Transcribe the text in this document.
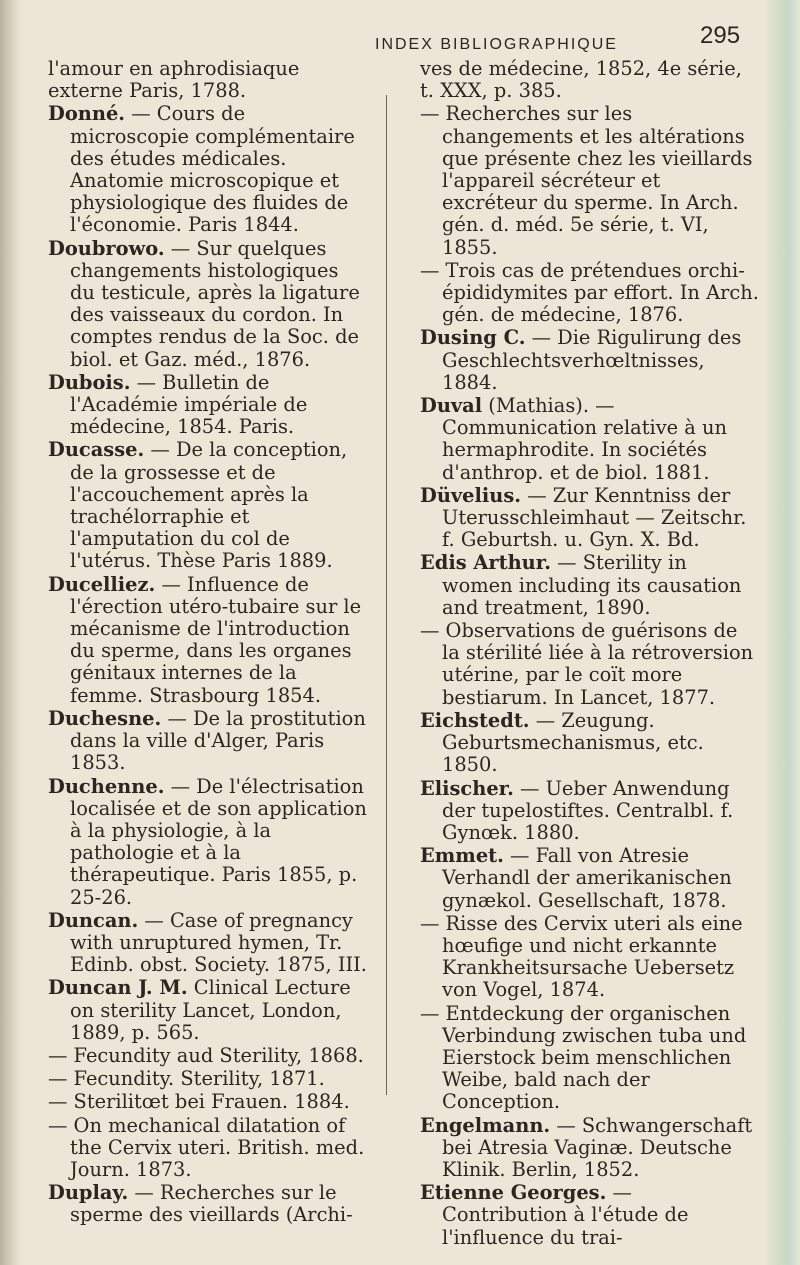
INDEX BIBLIOGRAPHIQUE	295
l'amour en aphrodisiaque externe Paris, 1788.
Donné. — Cours de microscopie complémentaire des études médicales. Anatomie microscopique et physiologique des fluides de l'économie. Paris 1844.
Doubrowo. — Sur quelques changements histologiques du testicule, après la ligature des vaisseaux du cordon. In comptes rendus de la Soc. de biol. et Gaz. méd., 1876.
Dubois. — Bulletin de l'Académie impériale de médecine, 1854. Paris.
Ducasse. — De la conception, de la grossesse et de l'accouchement après la trachélorraphie et l'amputation du col de l'utérus. Thèse Paris 1889.
Ducelliez. — Influence de l'érection utéro-tubaire sur le mécanisme de l'introduction du sperme, dans les organes génitaux internes de la femme. Strasbourg 1854.
Duchesne. — De la prostitution dans la ville d'Alger, Paris 1853.
Duchenne. — De l'électrisation localisée et de son application à la physiologie, à la pathologie et à la thérapeutique. Paris 1855, p. 25-26.
Duncan. — Case of pregnancy with unruptured hymen, Tr. Edinb. obst. Society. 1875, III.
Duncan J. M. Clinical Lecture on sterility Lancet, London, 1889, p. 565.
— Fecundity aud Sterility, 1868.
— Fecundity. Sterility, 1871.
— Sterilitœt bei Frauen. 1884.
— On mechanical dilatation of the Cervix uteri. British. med. Journ. 1873.
Duplay. — Recherches sur le sperme des vieillards (Archi-
ves de médecine, 1852, 4e série, t. XXX, p. 385.
— Recherches sur les changements et les altérations que présente chez les vieillards l'appareil sécréteur et excréteur du sperme. In Arch. gén. d. méd. 5e série, t. VI, 1855.
— Trois cas de prétendues orchi-épididymites par effort. In Arch. gén. de médecine, 1876.
Dusing C. — Die Rigulirung des Geschlechtsverhœltnisses, 1884.
Duval (Mathias). — Communication relative à un hermaphrodite. In sociétés d'anthrop. et de biol. 1881.
Düvelius. — Zur Kenntniss der Uterusschleimhaut — Zeitschr. f. Geburtsh. u. Gyn. X. Bd.
Edis Arthur. — Sterility in women including its causation and treatment, 1890.
— Observations de guérisons de la stérilité liée à la rétroversion utérine, par le coït more bestiarum. In Lancet, 1877.
Eichstedt. — Zeugung. Geburtsmechanismus, etc. 1850.
Elischer. — Ueber Anwendung der tupelostiftes. Centralbl. f. Gynœk. 1880.
Emmet. — Fall von Atresie Verhandl der amerikanischen gynækol. Gesellschaft, 1878.
— Risse des Cervix uteri als eine hœufige und nicht erkannte Krankheitsursache Uebersetz von Vogel, 1874.
— Entdeckung der organischen Verbindung zwischen tuba und Eierstock beim menschlichen Weibe, bald nach der Conception.
Engelmann. — Schwangerschaft bei Atresia Vaginæ. Deutsche Klinik. Berlin, 1852.
Etienne Georges. — Contribution à l'étude de l'influence du trai-
